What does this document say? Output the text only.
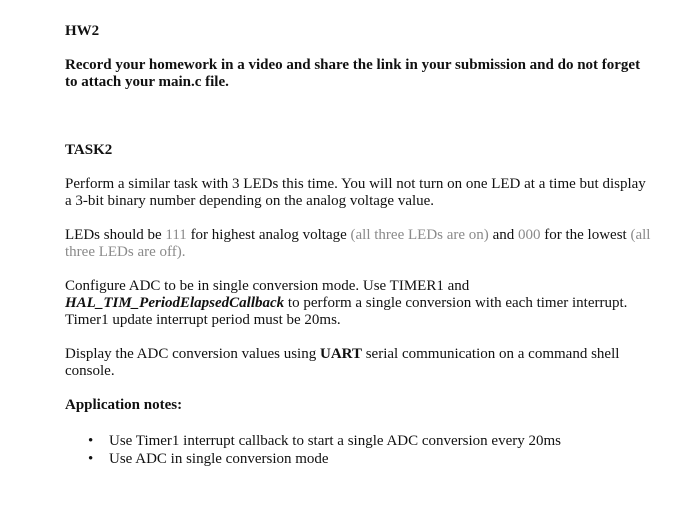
HW2

Record your homework in a video and share the link in your submission and do not forget to attach your main.c file.

TASK2

Perform a similar task with 3 LEDs this time. You will not turn on one LED at a time but display a 3-bit binary number depending on the analog voltage value.

LEDs should be 111 for highest analog voltage (all three LEDs are on) and 000 for the lowest (all three LEDs are off).

Configure ADC to be in single conversion mode. Use TIMER1 and
HAL_TIM_PeriodElapsedCallback to perform a single conversion with each timer interrupt. Timer1 update interrupt period must be 20ms.

Display the ADC conversion values using UART serial communication on a command shell console.

Application notes:
• Use Timer1 interrupt callback to start a single ADC conversion every 20ms
• Use ADC in single conversion mode
